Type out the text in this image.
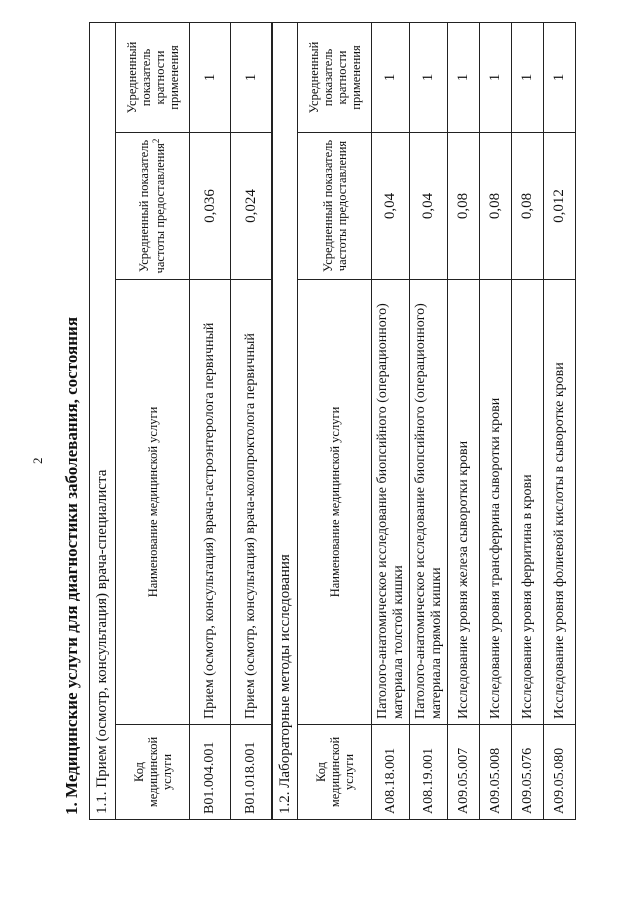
2 1. Медицинские услуги для диагностики заболевания, состояния 1.1. Прием (осмотр, консультация) врача-специалиста			
Код медицинской услуги	Наименование медицинской услуги	Усредненный показатель частоты предоставления$^2$	Усредненный показатель кратности применения
B01.004.001	Прием (осмотр, консультация) врача-гастроэнтеролога первичный	0,036	1
B01.018.001	Прием (осмотр, консультация) врача-колопроктолога первичный	0,024	1
1.2. Лабораторные методы исследования			
Код медицинской услуги	Наименование медицинской услуги	Усредненный показатель частоты предоставления	Усредненный показатель кратности применения
A08.18.001	Патолого-анатомическое исследование биопсийного (операционного) материала толстой кишки	0,04	1
A08.19.001	Патолого-анатомическое исследование биопсийного (операционного) материала прямой кишки	0,04	1
A09.05.007	Исследование уровня железа сыворотки крови	0,08	1
A09.05.008	Исследование уровня трансферрина сыворотки крови	0,08	1
A09.05.076	Исследование уровня ферритина в крови	0,08	1
A09.05.080	Исследование уровня фолиевой кислоты в сыворотке крови	0,012	1
